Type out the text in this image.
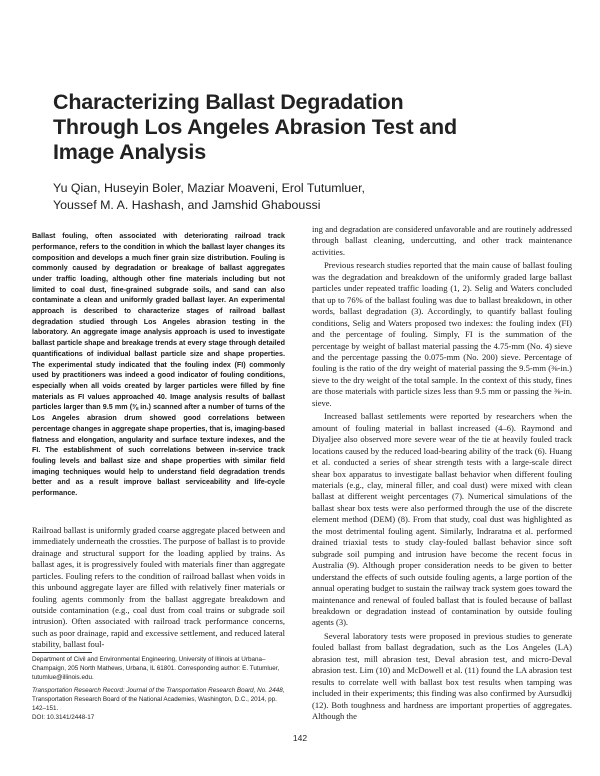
Characterizing Ballast Degradation Through Los Angeles Abrasion Test and Image Analysis
Yu Qian, Huseyin Boler, Maziar Moaveni, Erol Tutumluer,
Youssef M. A. Hashash, and Jamshid Ghaboussi

Ballast fouling, often associated with deteriorating railroad track performance, refers to the condition in which the ballast layer changes its composition and develops a much finer grain size distribution. Fouling is commonly caused by degradation or breakage of ballast aggregates under traffic loading, although other fine materials including but not limited to coal dust, fine-grained subgrade soils, and sand can also contaminate a clean and uniformly graded ballast layer. An experimental approach is described to characterize stages of railroad ballast degradation studied through Los Angeles abrasion testing in the laboratory. An aggregate image analysis approach is used to investigate ballast particle shape and breakage trends at every stage through detailed quantifications of individual ballast particle size and shape properties. The experimental study indicated that the fouling index (FI) commonly used by practitioners was indeed a good indicator of fouling conditions, especially when all voids created by larger particles were filled by fine materials as FI values approached 40. Image analysis results of ballast particles larger than 9.5 mm (⅜ in.) scanned after a number of turns of the Los Angeles abrasion drum showed good correlations between percentage changes in aggregate shape properties, that is, imaging-based flatness and elongation, angularity and surface texture indexes, and the FI. The establishment of such correlations between in-service track fouling levels and ballast size and shape properties with similar field imaging techniques would help to understand field degradation trends better and as a result improve ballast serviceability and life-cycle performance.

Railroad ballast is uniformly graded coarse aggregate placed between and immediately underneath the crossties. The purpose of ballast is to provide drainage and structural support for the loading applied by trains. As ballast ages, it is progressively fouled with materials finer than aggregate particles. Fouling refers to the condition of railroad ballast when voids in this unbound aggregate layer are filled with relatively finer materials or fouling agents commonly from the ballast aggregate breakdown and outside contamination (e.g., coal dust from coal trains or subgrade soil intrusion). Often associated with railroad track performance concerns, such as poor drainage, rapid and excessive settlement, and reduced lateral stability, ballast foul-

ing and degradation are considered unfavorable and are routinely addressed through ballast cleaning, undercutting, and other track maintenance activities.

Previous research studies reported that the main cause of ballast fouling was the degradation and breakdown of the uniformly graded large ballast particles under repeated traffic loading (1, 2). Selig and Waters concluded that up to 76% of the ballast fouling was due to ballast breakdown, in other words, ballast degradation (3). Accordingly, to quantify ballast fouling conditions, Selig and Waters proposed two indexes: the fouling index (FI) and the percentage of fouling. Simply, FI is the summation of the percentage by weight of ballast material passing the 4.75-mm (No. 4) sieve and the percentage passing the 0.075-mm (No. 200) sieve. Percentage of fouling is the ratio of the dry weight of material passing the 9.5-mm (⅜-in.) sieve to the dry weight of the total sample. In the context of this study, fines are those materials with particle sizes less than 9.5 mm or passing the ⅜-in. sieve.

Increased ballast settlements were reported by researchers when the amount of fouling material in ballast increased (4–6). Raymond and Diyaljee also observed more severe wear of the tie at heavily fouled track locations caused by the reduced load-bearing ability of the track (6). Huang et al. conducted a series of shear strength tests with a large-scale direct shear box apparatus to investigate ballast behavior when different fouling materials (e.g., clay, mineral filler, and coal dust) were mixed with clean ballast at different weight percentages (7). Numerical simulations of the ballast shear box tests were also performed through the use of the discrete element method (DEM) (8). From that study, coal dust was highlighted as the most detrimental fouling agent. Similarly, Indraratna et al. performed drained triaxial tests to study clay-fouled ballast behavior since soft subgrade soil pumping and intrusion have become the recent focus in Australia (9). Although proper consideration needs to be given to better understand the effects of such outside fouling agents, a large portion of the annual operating budget to sustain the railway track system goes toward the maintenance and renewal of fouled ballast that is fouled because of ballast breakdown or degradation instead of contamination by outside fouling agents (3).

Several laboratory tests were proposed in previous studies to generate fouled ballast from ballast degradation, such as the Los Angeles (LA) abrasion test, mill abrasion test, Deval abrasion test, and micro-Deval abrasion test. Lim (10) and McDowell et al. (11) found the LA abrasion test results to correlate well with ballast box test results when tamping was included in their experiments; this finding was also confirmed by Aursudkij (12). Both toughness and hardness are important properties of aggregates. Although the

Department of Civil and Environmental Engineering, University of Illinois at Urbana–Champaign, 205 North Mathews, Urbana, IL 61801. Corresponding author: E. Tutumluer, tutumlue@illinois.edu.
Transportation Research Record: Journal of the Transportation Research Board, No. 2448, Transportation Research Board of the National Academies, Washington, D.C., 2014, pp. 142–151.
DOI: 10.3141/2448-17
142
